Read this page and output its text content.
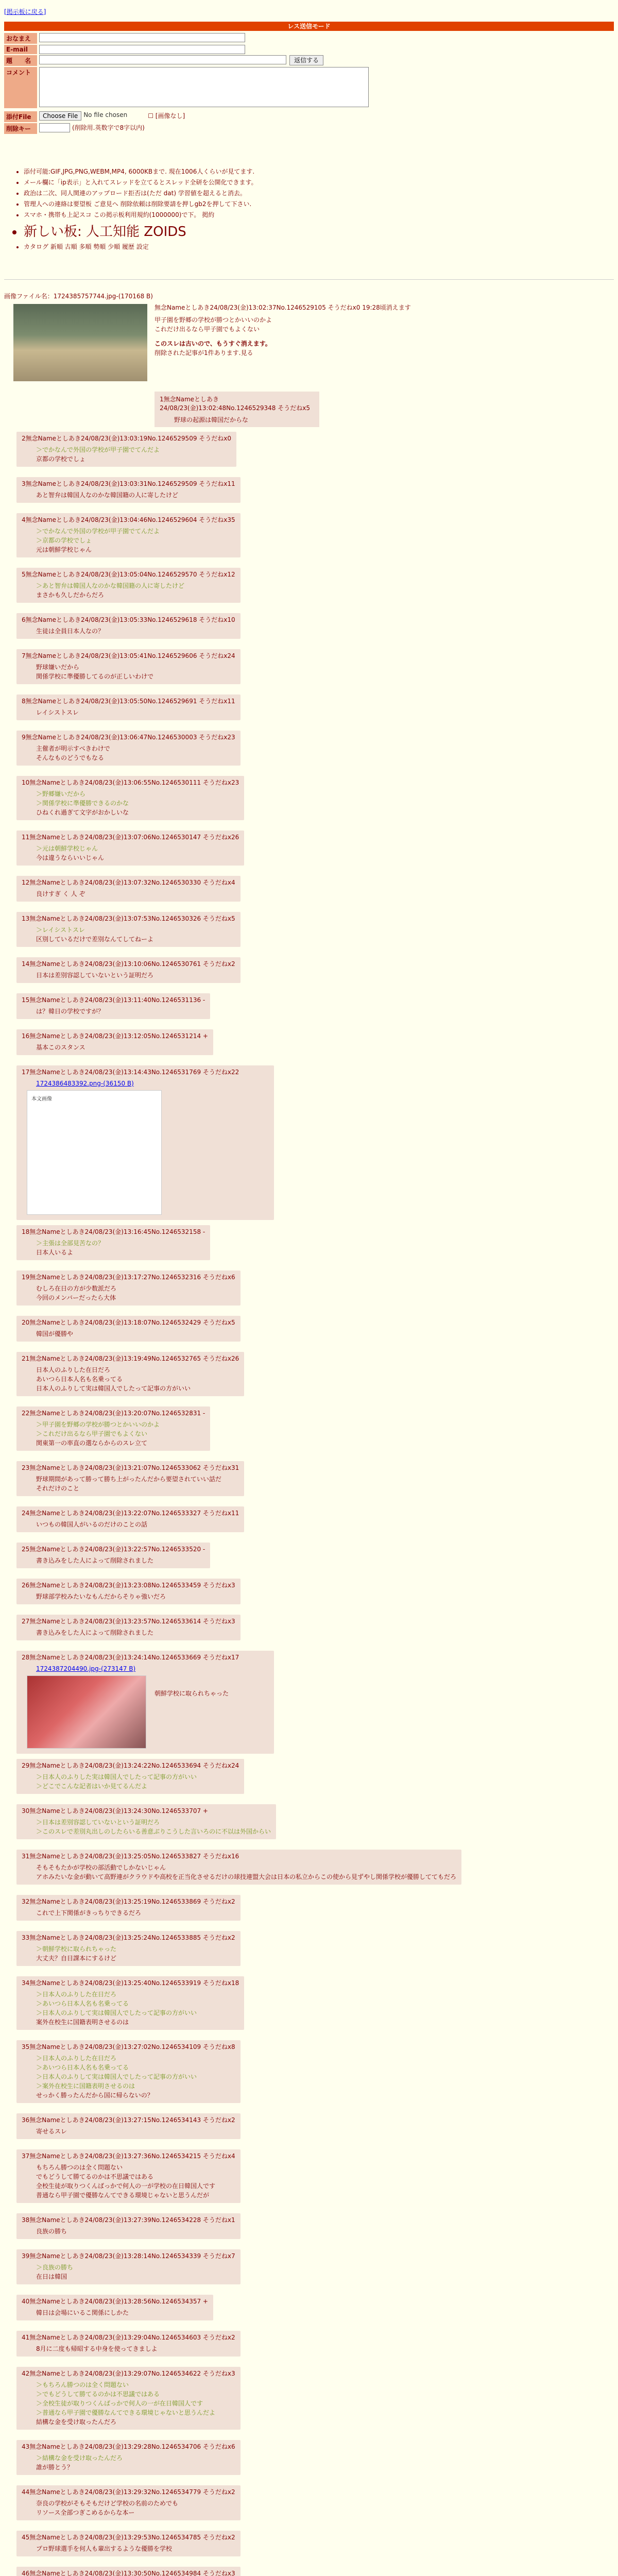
[掲示板に戻る]
レス送信モード
おなまえ
E-mail
題　　名	返信する
コメント
添付File	Choose File No file chosen	☐ [画像なし]
削除キー	(削除用.英数字で8字以内)
• 添付可能:GIF,JPG,PNG,WEBM,MP4, 6000KBまで. 現在1006人くらいが見てます.
• メール欄に「ip表示」と入れてスレッドを立てるとスレッド全研を公開化できます。
• 政治は二次、同人関連のアップロード拒否は(ただ dat) 学習値を超えると消去。
• 管理人への連絡は要望板 ご意見へ 削除依頼は削除要請を押しgb2を押して下さい.
• スマホ・携帯も上記スコ この掲示板利用規約(1000000)で下。 掲約
• 新しい板: 人工知能 ZOIDS
• カタログ 新順 古順 多順 勢順 少順 履歴 設定
画像ファイル名：1724385757744.jpg-(170168 B)
無念Nameとしあき24/08/23(金)13:02:37No.1246529105 そうだねx0 19:28頃消えます
甲子園を野郷の学校が勝つとかいいのかよ
これだけ出るなら甲子園でもよくない
このスレは古いので、もうすぐ消えます。
削除された記事が1件あります.見る
1無念Nameとしあき24/08/23(金)13:02:48No.1246529348 そうだねx5
野球の起源は韓国だからな
2無念Nameとしあき24/08/23(金)13:03:19No.1246529509 そうだねx0
＞でかなんで外国の学校が甲子園でてんだよ
京都の学校でしょ
3無念Nameとしあき24/08/23(金)13:03:31No.1246529509 そうだねx11
あと智弁は韓国人なのかな韓国籍の人に寄したけど
4無念Nameとしあき24/08/23(金)13:04:46No.1246529604 そうだねx35
＞でかなんで外国の学校が甲子園でてんだよ
＞京都の学校でしょ
元は朝鮮学校じゃん
5無念Nameとしあき24/08/23(金)13:05:04No.1246529570 そうだねx12
＞あと智弁は韓国人なのかな韓国籍の人に寄したけど
まさかも久しだからだろ
6無念Nameとしあき24/08/23(金)13:05:33No.1246529618 そうだねx10
生徒は全員日本人なの？
7無念Nameとしあき24/08/23(金)13:05:41No.1246529606 そうだねx24
野球嫌いだから
関係学校に準優勝してるのが正しいわけで
8無念Nameとしあき24/08/23(金)13:05:50No.1246529691 そうだねx11
レイシストスレ
9無念Nameとしあき24/08/23(金)13:06:47No.1246530003 そうだねx23
主催者が明示すべきわけで
そんなものどうでもなる
10無念Nameとしあき24/08/23(金)13:06:55No.1246530111 そうだねx23
＞野郷嫌いだから
＞関係学校に準優勝できるのかな
ひねくれ過ぎて文字がおかしいな
11無念Nameとしあき24/08/23(金)13:07:06No.1246530147 そうだねx26
＞元は朝鮮学校じゃん
今は違うならいいじゃん
12無念Nameとしあき24/08/23(金)13:07:32No.1246530330 そうだねx4
良けすぎ く 人 ぞ
13無念Nameとしあき24/08/23(金)13:07:53No.1246530326 そうだねx5
＞レイシストスレ
区別しているだけで差別なんてしてねーよ
14無念Nameとしあき24/08/23(金)13:10:06No.1246530761 そうだねx2
日本は差別容認していないという証明だろ
15無念Nameとしあき24/08/23(金)13:11:40No.1246531136 -
は？韓日の学校ですが？
16無念Nameとしあき24/08/23(金)13:12:05No.1246531214 +
基本このスタンス
17無念Nameとしあき24/08/23(金)13:14:43No.1246531769 そうだねx22
1724386483392.png-(36150 B)
本文画像
18無念Nameとしあき24/08/23(金)13:16:45No.1246532158 -
＞主張は全部見苦なの？
日本人いるよ
19無念Nameとしあき24/08/23(金)13:17:27No.1246532316 そうだねx6
むしろ在日の方が少数派だろ
今回のメンバーだったら大体
20無念Nameとしあき24/08/23(金)13:18:07No.1246532429 そうだねx5
韓国が優勝や
21無念Nameとしあき24/08/23(金)13:19:49No.1246532765 そうだねx26
日本人のふりした在日だろ
あいつら日本人名も名乗ってる
日本人のふりして実は韓国人でしたって記事の方がいい
22無念Nameとしあき24/08/23(金)13:20:07No.1246532831 -
＞甲子園を野郷の学校が勝つとかいいのかよ
＞これだけ出るなら甲子園でもよくない
関東第一の率直の選ならからのスレ立て
23無念Nameとしあき24/08/23(金)13:21:07No.1246533062 そうだねx31
野球期間があって勝って勝ち上がったんだから要望されていい話だ
それだけのこと
24無念Nameとしあき24/08/23(金)13:22:07No.1246533327 そうだねx11
いつもの韓国人がいるのだけのことの話
25無念Nameとしあき24/08/23(金)13:22:57No.1246533520 -
書き込みをした人によって削除されました
26無念Nameとしあき24/08/23(金)13:23:08No.1246533459 そうだねx3
野球部学校みたいなもんだからそりゃ強いだろ
27無念Nameとしあき24/08/23(金)13:23:57No.1246533614 そうだねx3
書き込みをした人によって削除されました
28無念Nameとしあき24/08/23(金)13:24:14No.1246533669 そうだねx17
1724387204490.jpg-(273147 B)
朝鮮学校に取られちゃった
29無念Nameとしあき24/08/23(金)13:24:22No.1246533694 そうだねx24
＞日本人のふりした実は韓国人でしたって記事の方がいい
＞どこでこんな記者はいか見てるんだよ
30無念Nameとしあき24/08/23(金)13:24:30No.1246533707 +
＞日本は差別容認していないという証明だろ
＞このスレで差別丸出しのしたらいる善意ぶりこうした言いろのに不以は外国からい
31無念Nameとしあき24/08/23(金)13:25:05No.1246533827 そうだねx16
そもそもたかが学校の部活動でしかないじゃん
アホみたいな金が動いて高野連がクラウドや高校を正当化させるだけの球技連盟大会は日本の私立からこの使から見ずやし関係学校が優勝しててもだろ
32無念Nameとしあき24/08/23(金)13:25:19No.1246533869 そうだねx2
これで上下関係がきっちりできるだろ
33無念Nameとしあき24/08/23(金)13:25:24No.1246533885 そうだねx2
＞朝鮮学校に取られちゃった
大丈夫？自日課本にするけど
34無念Nameとしあき24/08/23(金)13:25:40No.1246533919 そうだねx18
＞日本人のふりした在日だろ
＞あいつら日本人名も名乗ってる
＞日本人のふりして実は韓国人でしたって記事の方がいい
案外在校生に国籍表明させるのは
35無念Nameとしあき24/08/23(金)13:27:02No.1246534109 そうだねx8
＞日本人のふりした在日だろ
＞あいつら日本人名も名乗ってる
＞日本人のふりして実は韓国人でしたって記事の方がいい
＞案外在校生に国籍表明させるのは
せっかく勝ったんだから国に帰らないの？
36無念Nameとしあき24/08/23(金)13:27:15No.1246534143 そうだねx2
寄せるスレ
37無念Nameとしあき24/08/23(金)13:27:36No.1246534215 そうだねx4
もちろん勝つのは全く問題ない
でもどうして勝てるのかは不思議ではある
全校生徒が取りつくんばっかで何人の一が学校の在日韓国人です
普通なら甲子園で優勝なんてできる環境じゃないと思うんだが
38無念Nameとしあき24/08/23(金)13:27:39No.1246534228 そうだねx1
良族の勝ち
39無念Nameとしあき24/08/23(金)13:28:14No.1246534339 そうだねx7
＞良族の勝ち
在日は韓国
40無念Nameとしあき24/08/23(金)13:28:56No.1246534357 +
韓日は会場にいるこ関係にしかた
41無念Nameとしあき24/08/23(金)13:29:04No.1246534603 そうだねx2
8月に二度も帰昭する中身を使ってきましよ
42無念Nameとしあき24/08/23(金)13:29:07No.1246534622 そうだねx3
＞もちろん勝つのは全く問題ない
＞でもどうして勝てるのかは不思議ではある
＞全校生徒が取りつくんばっかで何人の一が在日韓国人です
＞普通なら甲子園で優勝なんてできる環境じゃないと思うんだよ
結構な金を受け取ったんだろ
43無念Nameとしあき24/08/23(金)13:29:28No.1246534706 そうだねx6
＞結構な金を受け取ったんだろ
誰が勝とう？
44無念Nameとしあき24/08/23(金)13:29:32No.1246534779 そうだねx2
奈良の学校がそもそもだけど学校の名前のためでも
リソース全部つぎこめるからな本ー
45無念Nameとしあき24/08/23(金)13:29:53No.1246534785 そうだねx2
プロ野球選手を何人も輩出するような優勝を学校
46無念Nameとしあき24/08/23(金)13:30:50No.1246534984 そうだねx3
